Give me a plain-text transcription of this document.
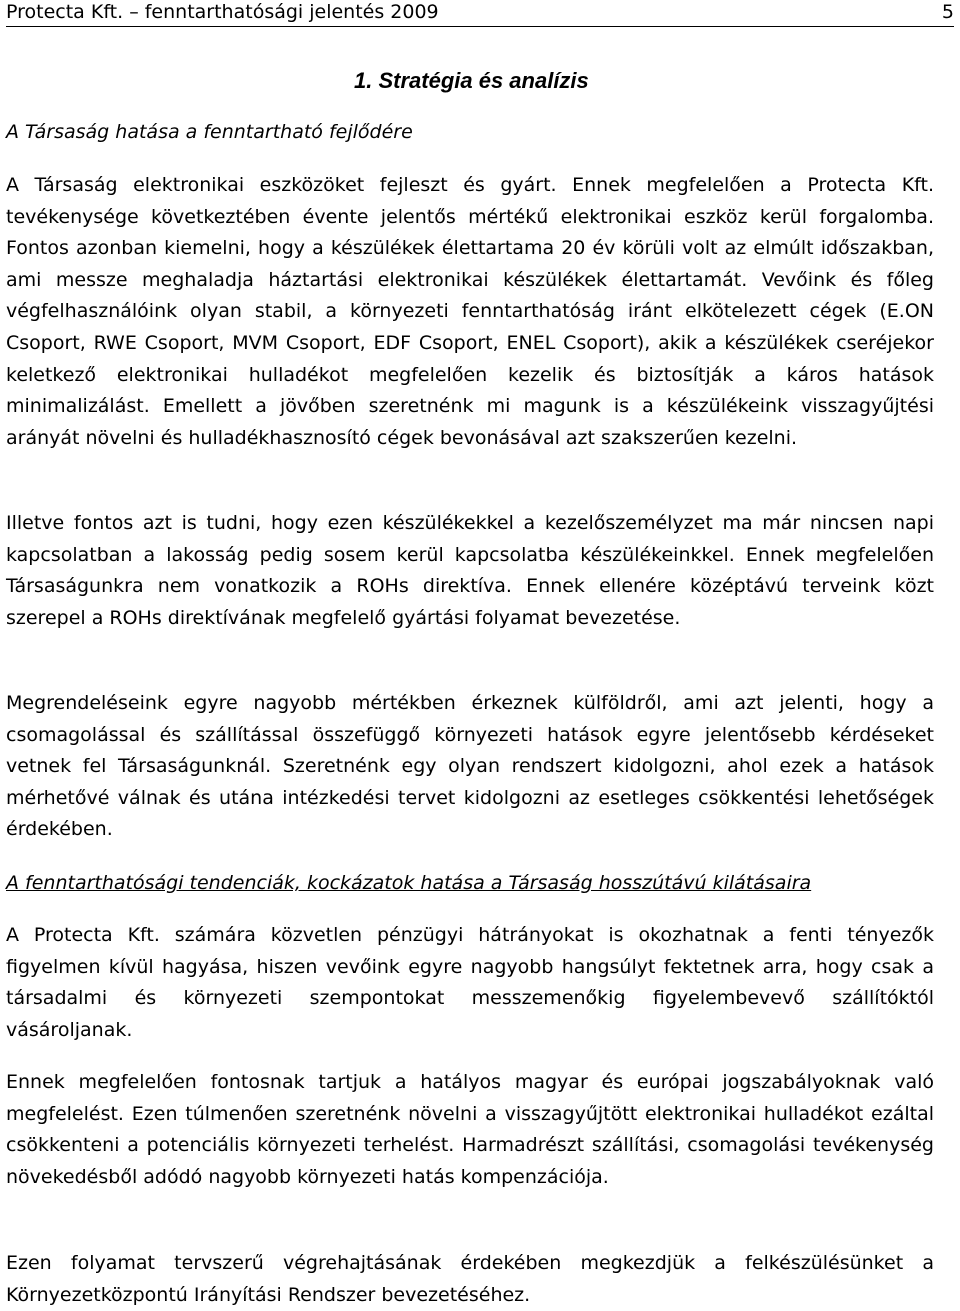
Protecta Kft. – fenntarthatósági jelentés 2009	5
1. Stratégia és analízis
A Társaság hatása a fenntartható fejlődére
A Társaság elektronikai eszközöket fejleszt és gyárt. Ennek megfelelően a Protecta Kft. tevékenysége következtében évente jelentős mértékű elektronikai eszköz kerül forgalomba. Fontos azonban kiemelni, hogy a készülékek élettartama 20 év körüli volt az elmúlt időszakban, ami messze meghaladja háztartási elektronikai készülékek élettartamát. Vevőink és főleg végfelhasználóink olyan stabil, a környezeti fenntarthatóság iránt elkötelezett cégek (E.ON Csoport, RWE Csoport, MVM Csoport, EDF Csoport, ENEL Csoport), akik a készülékek cseréjekor keletkező elektronikai hulladékot megfelelően kezelik és biztosítják a káros hatások minimalizálást. Emellett a jövőben szeretnénk mi magunk is a készülékeink visszagyűjtési arányát növelni és hulladékhasznosító cégek bevonásával azt szakszerűen kezelni.
Illetve fontos azt is tudni, hogy ezen készülékekkel a kezelőszemélyzet ma már nincsen napi kapcsolatban a lakosság pedig sosem kerül kapcsolatba készülékeinkkel. Ennek megfelelően Társaságunkra nem vonatkozik a ROHs direktíva. Ennek ellenére középtávú terveink közt szerepel a ROHs direktívának megfelelő gyártási folyamat bevezetése.
Megrendeléseink egyre nagyobb mértékben érkeznek külföldről, ami azt jelenti, hogy a csomagolással és szállítással összefüggő környezeti hatások egyre jelentősebb kérdéseket vetnek fel Társaságunknál. Szeretnénk egy olyan rendszert kidolgozni, ahol ezek a hatások mérhetővé válnak és utána intézkedési tervet kidolgozni az esetleges csökkentési lehetőségek érdekében.
A fenntarthatósági tendenciák, kockázatok hatása a Társaság hosszútávú kilátásaira
A Protecta Kft. számára közvetlen pénzügyi hátrányokat is okozhatnak a fenti tényezők figyelmen kívül hagyása, hiszen vevőink egyre nagyobb hangsúlyt fektetnek arra, hogy csak a társadalmi és környezeti szempontokat messzemenőkig figyelembevevő szállítóktól vásároljanak.
Ennek megfelelően fontosnak tartjuk a hatályos magyar és európai jogszabályoknak való megfelelést. Ezen túlmenően szeretnénk növelni a visszagyűjtött elektronikai hulladékot ezáltal csökkenteni a potenciális környezeti terhelést. Harmadrészt szállítási, csomagolási tevékenység növekedésből adódó nagyobb környezeti hatás kompenzációja.
Ezen folyamat tervszerű végrehajtásának érdekében megkezdjük a felkészülésünket a Környezetközpontú Irányítási Rendszer bevezetéséhez.
